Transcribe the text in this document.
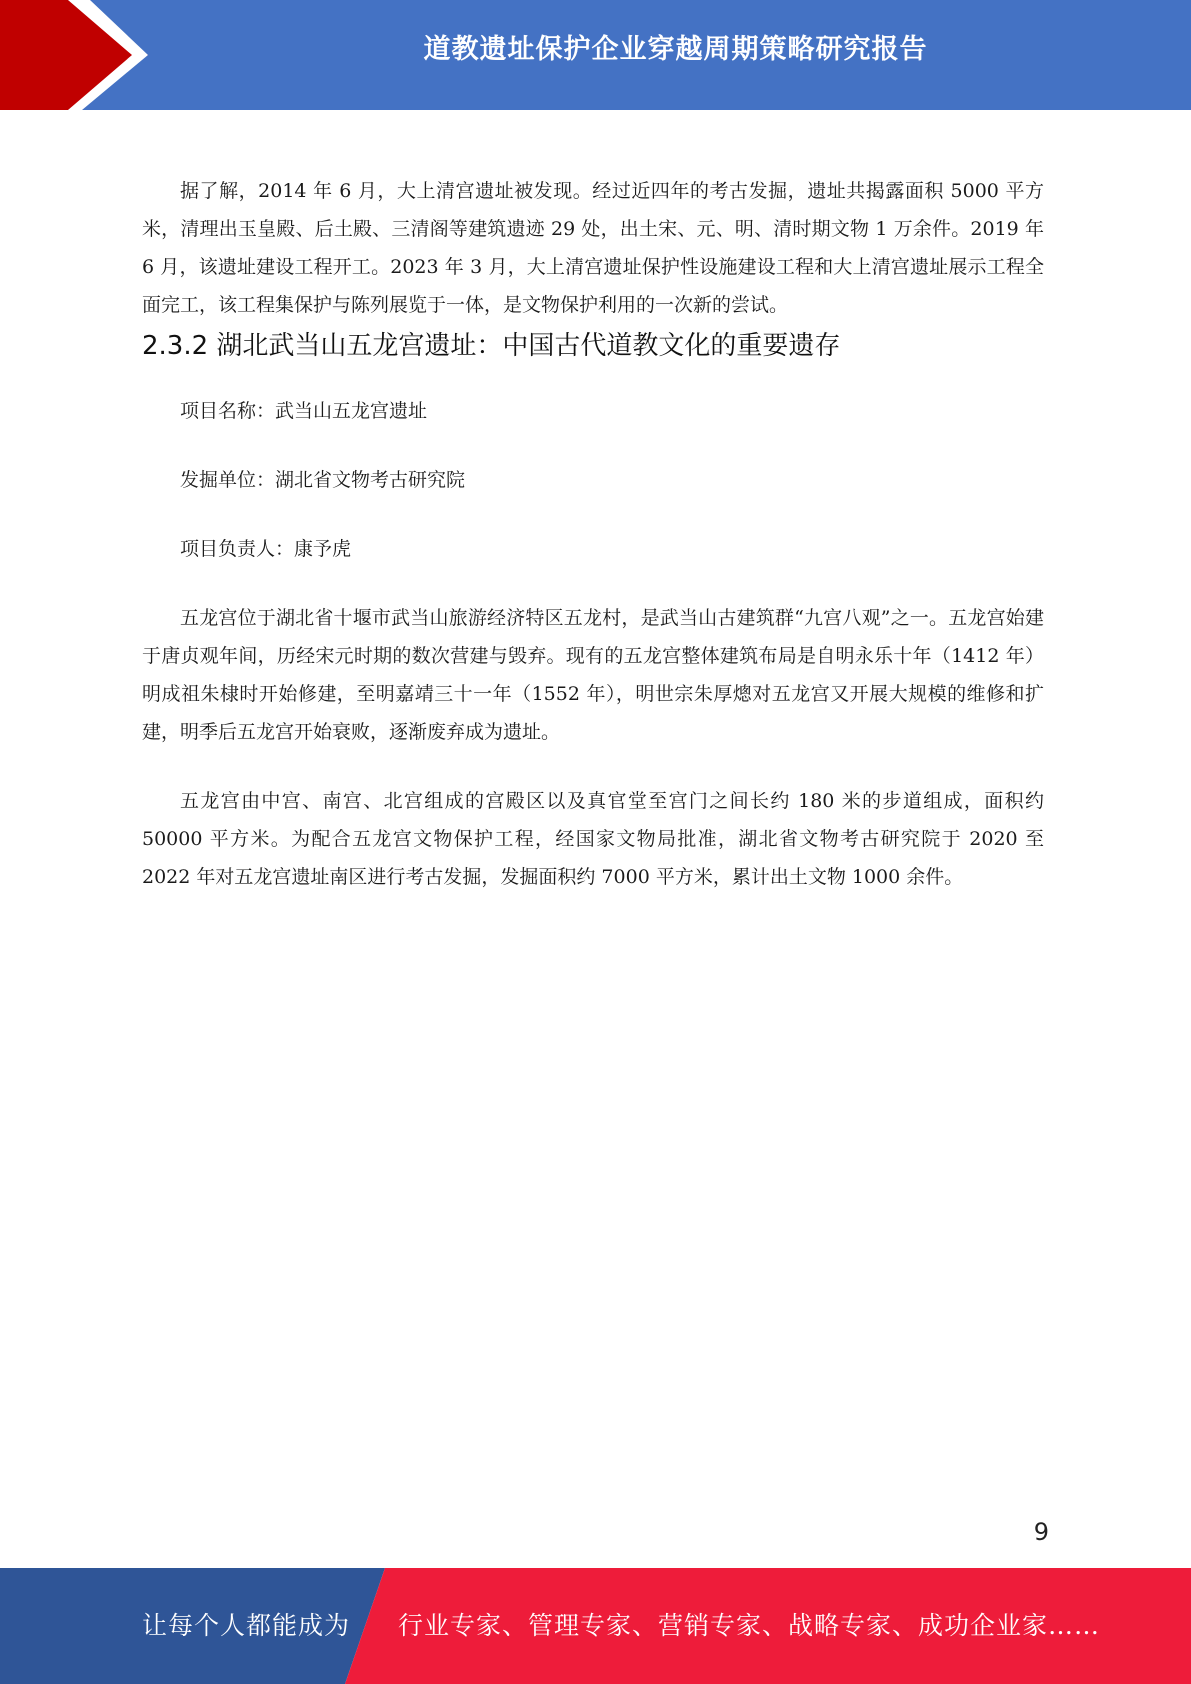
道教遗址保护企业穿越周期策略研究报告

据了解，2014 年 6 月，大上清宫遗址被发现。经过近四年的考古发掘，遗址共揭露面积 5000 平方米，清理出玉皇殿、后土殿、三清阁等建筑遗迹 29 处，出土宋、元、明、清时期文物 1 万余件。2019 年 6 月，该遗址建设工程开工。2023 年 3 月，大上清宫遗址保护性设施建设工程和大上清宫遗址展示工程全面完工，该工程集保护与陈列展览于一体，是文物保护利用的一次新的尝试。

2.3.2 湖北武当山五龙宫遗址：中国古代道教文化的重要遗存

项目名称：武当山五龙宫遗址

发掘单位：湖北省文物考古研究院

项目负责人：康予虎

五龙宫位于湖北省十堰市武当山旅游经济特区五龙村，是武当山古建筑群“九宫八观”之一。五龙宫始建于唐贞观年间，历经宋元时期的数次营建与毁弃。现有的五龙宫整体建筑布局是自明永乐十年（1412 年）明成祖朱棣时开始修建，至明嘉靖三十一年（1552 年），明世宗朱厚熜对五龙宫又开展大规模的维修和扩建，明季后五龙宫开始衰败，逐渐废弃成为遗址。

五龙宫由中宫、南宫、北宫组成的宫殿区以及真官堂至宫门之间长约 180 米的步道组成，面积约 50000 平方米。为配合五龙宫文物保护工程，经国家文物局批准，湖北省文物考古研究院于 2020 至 2022 年对五龙宫遗址南区进行考古发掘，发掘面积约 7000 平方米，累计出土文物 1000 余件。

9
让每个人都能成为 行业专家、管理专家、营销专家、战略专家、成功企业家……
